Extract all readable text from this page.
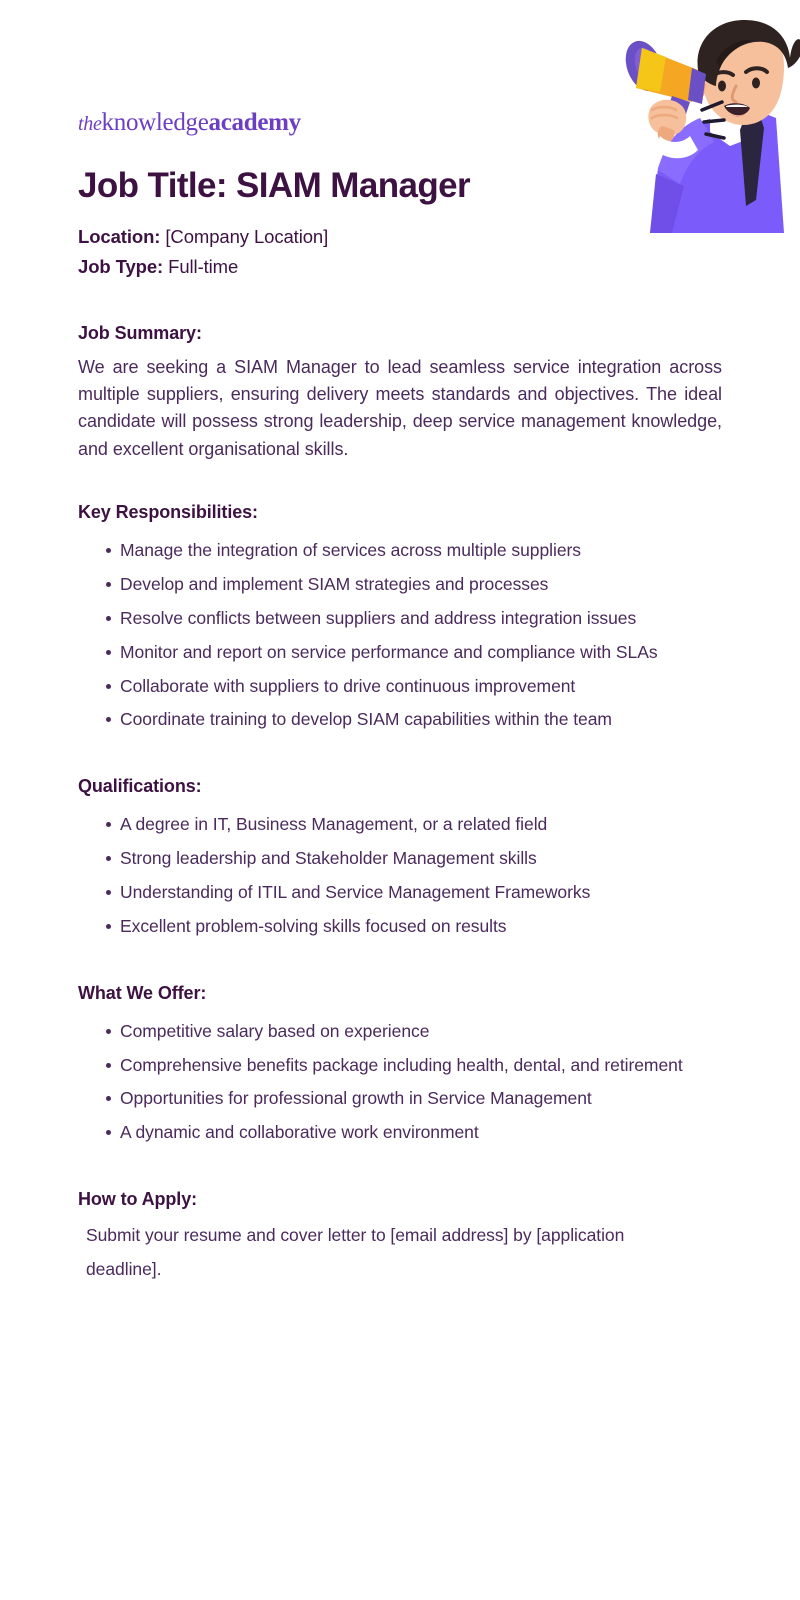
theknowledgeacademy
Job Title: SIAM Manager
Location: [Company Location]
Job Type: Full-time
Job Summary:

We are seeking a SIAM Manager to lead seamless service integration across multiple suppliers, ensuring delivery meets standards and objectives. The ideal candidate will possess strong leadership, deep service management knowledge, and excellent organisational skills.

Key Responsibilities:
Manage the integration of services across multiple suppliers
Develop and implement SIAM strategies and processes
Resolve conflicts between suppliers and address integration issues
Monitor and report on service performance and compliance with SLAs
Collaborate with suppliers to drive continuous improvement
Coordinate training to develop SIAM capabilities within the team
Qualifications:
A degree in IT, Business Management, or a related field
Strong leadership and Stakeholder Management skills
Understanding of ITIL and Service Management Frameworks
Excellent problem-solving skills focused on results
What We Offer:
Competitive salary based on experience
Comprehensive benefits package including health, dental, and retirement
Opportunities for professional growth in Service Management
A dynamic and collaborative work environment
How to Apply:

Submit your resume and cover letter to [email address] by [application deadline].
